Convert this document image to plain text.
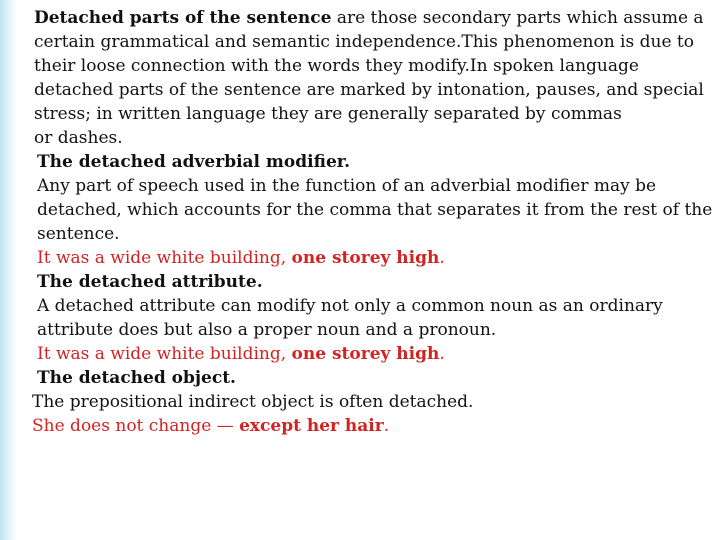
Detached parts of the sentence are those secondary parts which assume a
certain grammatical and semantic independence.This phenomenon is due to
their loose connection with the words they modify.In spoken language
detached parts of the sentence are marked by intonation, pauses, and special
stress; in written language they are generally separated by commas
or dashes.
The detached adverbial modifier.
Any part of speech used in the function of an adverbial modifier may be
detached, which accounts for the comma that separates it from the rest of the
sentence.
It was a wide white building, one storey high.
The detached attribute.
A detached attribute can modify not only a common noun as an ordinary
attribute does but also a proper noun and a pronoun.
It was a wide white building, one storey high.
The detached object.
The prepositional indirect object is often detached.
She does not change — except her hair.
